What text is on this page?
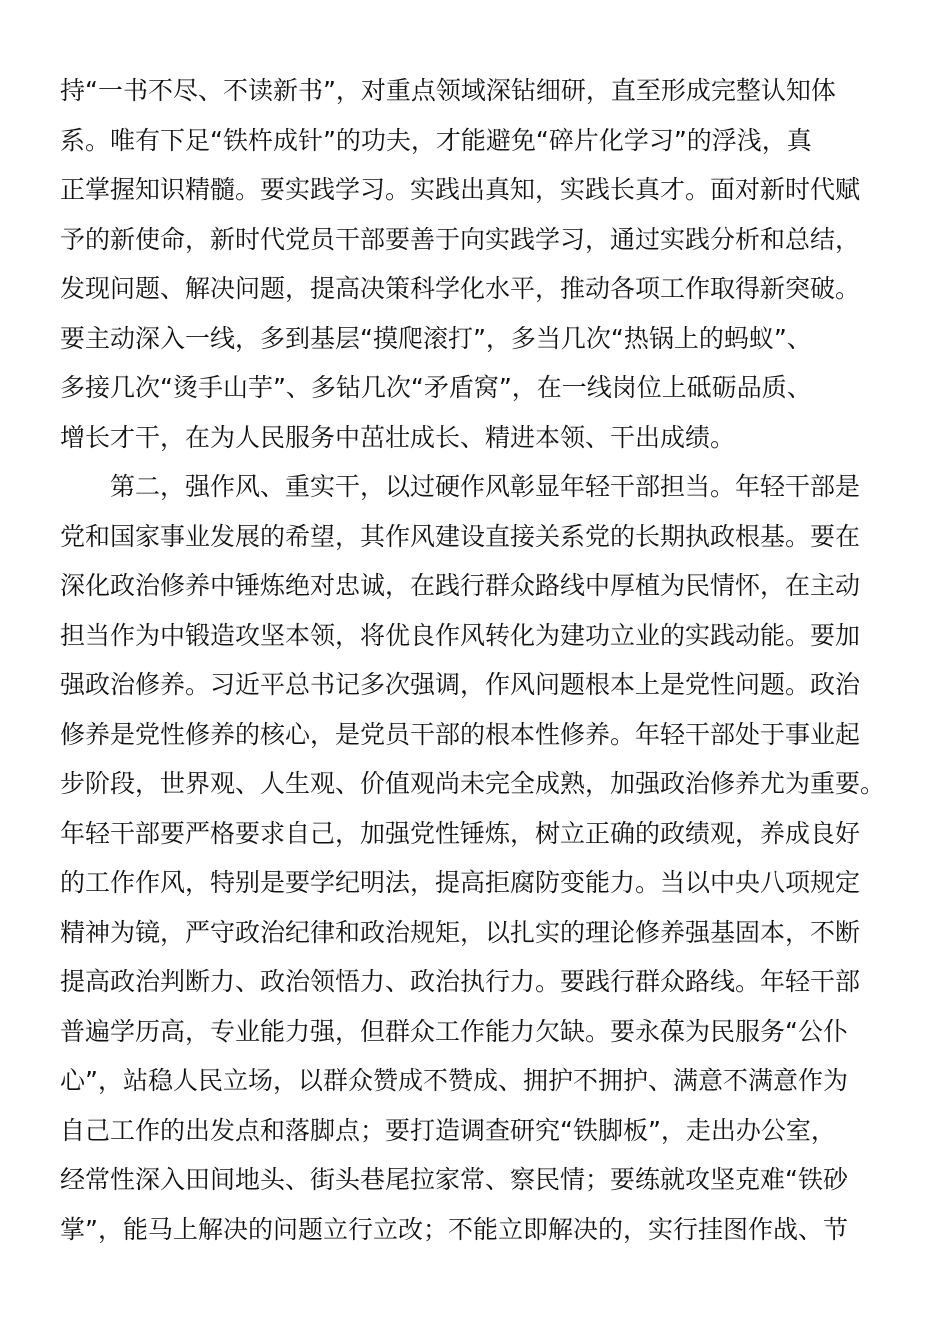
持“一书不尽、不读新书”，对重点领域深钻细研，直至形成完整认知体
系。唯有下足“铁杵成针”的功夫，才能避免“碎片化学习”的浮浅，真
正掌握知识精髓。要实践学习。实践出真知，实践长真才。面对新时代赋
予的新使命，新时代党员干部要善于向实践学习，通过实践分析和总结，
发现问题、解决问题，提高决策科学化水平，推动各项工作取得新突破。
要主动深入一线，多到基层“摸爬滚打”，多当几次“热锅上的蚂蚁”、
多接几次“烫手山芋”、多钻几次“矛盾窝”，在一线岗位上砥砺品质、
增长才干，在为人民服务中茁壮成长、精进本领、干出成绩。
第二，强作风、重实干，以过硬作风彰显年轻干部担当。年轻干部是
党和国家事业发展的希望，其作风建设直接关系党的长期执政根基。要在
深化政治修养中锤炼绝对忠诚，在践行群众路线中厚植为民情怀，在主动
担当作为中锻造攻坚本领，将优良作风转化为建功立业的实践动能。要加
强政治修养。习近平总书记多次强调，作风问题根本上是党性问题。政治
修养是党性修养的核心，是党员干部的根本性修养。年轻干部处于事业起
步阶段，世界观、人生观、价值观尚未完全成熟，加强政治修养尤为重要。
年轻干部要严格要求自己，加强党性锤炼，树立正确的政绩观，养成良好
的工作作风，特别是要学纪明法，提高拒腐防变能力。当以中央八项规定
精神为镜，严守政治纪律和政治规矩，以扎实的理论修养强基固本，不断
提高政治判断力、政治领悟力、政治执行力。要践行群众路线。年轻干部
普遍学历高，专业能力强，但群众工作能力欠缺。要永葆为民服务“公仆
心”，站稳人民立场，以群众赞成不赞成、拥护不拥护、满意不满意作为
自己工作的出发点和落脚点；要打造调查研究“铁脚板”，走出办公室，
经常性深入田间地头、街头巷尾拉家常、察民情；要练就攻坚克难“铁砂
掌”，能马上解决的问题立行立改；不能立即解决的，实行挂图作战、节
